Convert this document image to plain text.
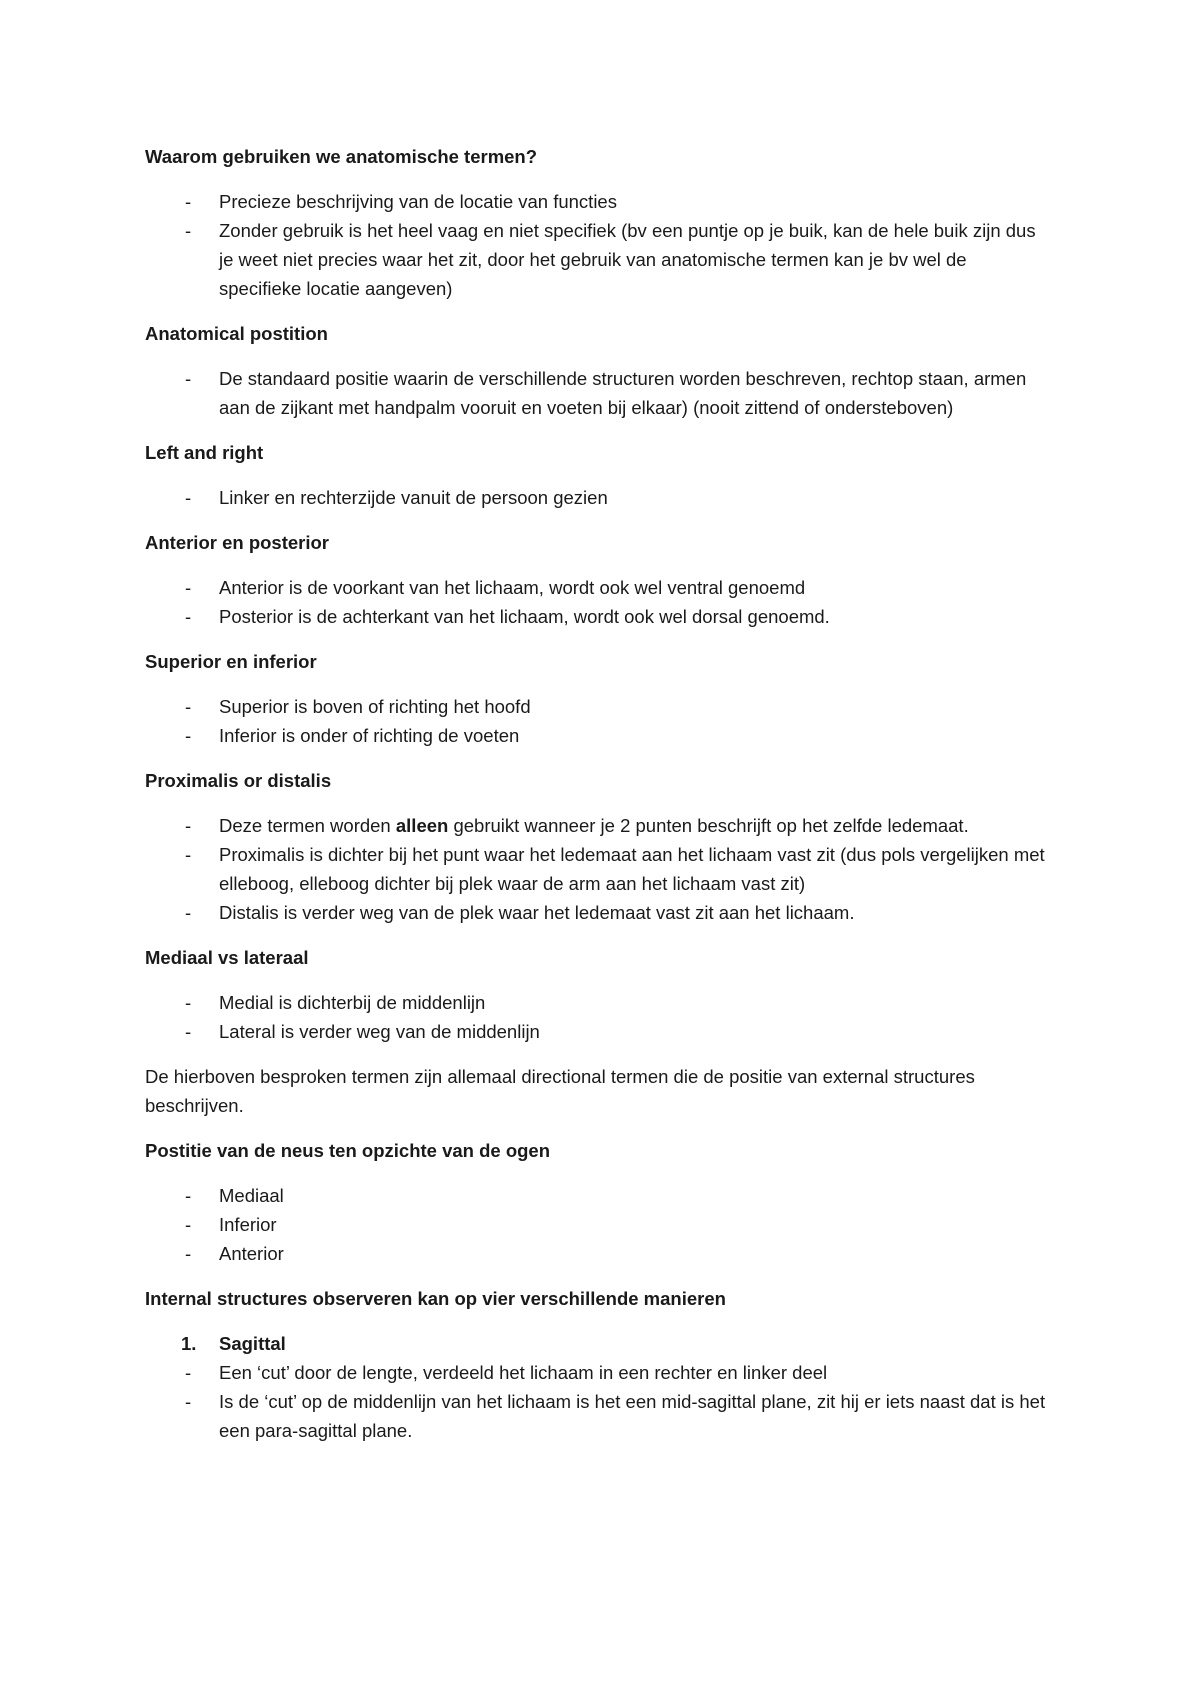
Waarom gebruiken we anatomische termen?
- Precieze beschrijving van de locatie van functies
- Zonder gebruik is het heel vaag en niet specifiek (bv een puntje op je buik, kan de hele buik zijn dus je weet niet precies waar het zit, door het gebruik van anatomische termen kan je bv wel de specifieke locatie aangeven)
Anatomical postition
- De standaard positie waarin de verschillende structuren worden beschreven, rechtop staan, armen aan de zijkant met handpalm vooruit en voeten bij elkaar) (nooit zittend of ondersteboven)
Left and right
- Linker en rechterzijde vanuit de persoon gezien
Anterior en posterior
- Anterior is de voorkant van het lichaam, wordt ook wel ventral genoemd
- Posterior is de achterkant van het lichaam, wordt ook wel dorsal genoemd.
Superior en inferior
- Superior is boven of richting het hoofd
- Inferior is onder of richting de voeten
Proximalis or distalis
- Deze termen worden alleen gebruikt wanneer je 2 punten beschrijft op het zelfde ledemaat.
- Proximalis is dichter bij het punt waar het ledemaat aan het lichaam vast zit (dus pols vergelijken met elleboog, elleboog dichter bij plek waar de arm aan het lichaam vast zit)
- Distalis is verder weg van de plek waar het ledemaat vast zit aan het lichaam.
Mediaal vs lateraal
- Medial is dichterbij de middenlijn
- Lateral is verder weg van de middenlijn

De hierboven besproken termen zijn allemaal directional termen die de positie van external structures beschrijven.

Postitie van de neus ten opzichte van de ogen
- Mediaal
- Inferior
- Anterior
Internal structures observeren kan op vier verschillende manieren
1. Sagittal
- Een ‘cut’ door de lengte, verdeeld het lichaam in een rechter en linker deel
- Is de ‘cut’ op de middenlijn van het lichaam is het een mid-sagittal plane, zit hij er iets naast dat is het een para-sagittal plane.
